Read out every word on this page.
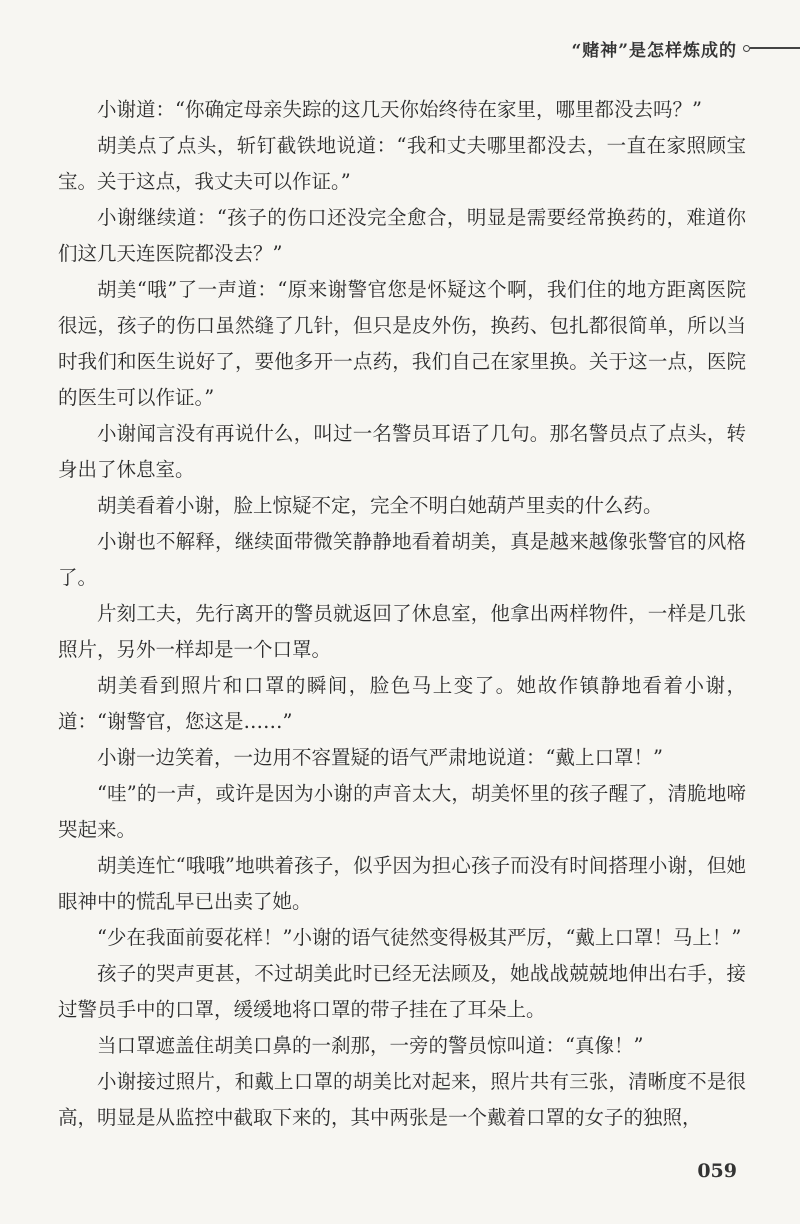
“赌神”是怎样炼成的

小谢道：“你确定母亲失踪的这几天你始终待在家里，哪里都没去吗？”

胡美点了点头，斩钉截铁地说道：“我和丈夫哪里都没去，一直在家照顾宝宝。关于这点，我丈夫可以作证。”

小谢继续道：“孩子的伤口还没完全愈合，明显是需要经常换药的，难道你们这几天连医院都没去？”

胡美“哦”了一声道：“原来谢警官您是怀疑这个啊，我们住的地方距离医院很远，孩子的伤口虽然缝了几针，但只是皮外伤，换药、包扎都很简单，所以当时我们和医生说好了，要他多开一点药，我们自己在家里换。关于这一点，医院的医生可以作证。”

小谢闻言没有再说什么，叫过一名警员耳语了几句。那名警员点了点头，转身出了休息室。

胡美看着小谢，脸上惊疑不定，完全不明白她葫芦里卖的什么药。

小谢也不解释，继续面带微笑静静地看着胡美，真是越来越像张警官的风格了。

片刻工夫，先行离开的警员就返回了休息室，他拿出两样物件，一样是几张照片，另外一样却是一个口罩。

胡美看到照片和口罩的瞬间，脸色马上变了。她故作镇静地看着小谢，道：“谢警官，您这是……”

小谢一边笑着，一边用不容置疑的语气严肃地说道：“戴上口罩！”

“哇”的一声，或许是因为小谢的声音太大，胡美怀里的孩子醒了，清脆地啼哭起来。

胡美连忙“哦哦”地哄着孩子，似乎因为担心孩子而没有时间搭理小谢，但她眼神中的慌乱早已出卖了她。

“少在我面前耍花样！”小谢的语气徒然变得极其严厉，“戴上口罩！马上！”

孩子的哭声更甚，不过胡美此时已经无法顾及，她战战兢兢地伸出右手，接过警员手中的口罩，缓缓地将口罩的带子挂在了耳朵上。

当口罩遮盖住胡美口鼻的一刹那，一旁的警员惊叫道：“真像！”

小谢接过照片，和戴上口罩的胡美比对起来，照片共有三张，清晰度不是很高，明显是从监控中截取下来的，其中两张是一个戴着口罩的女子的独照，

059
